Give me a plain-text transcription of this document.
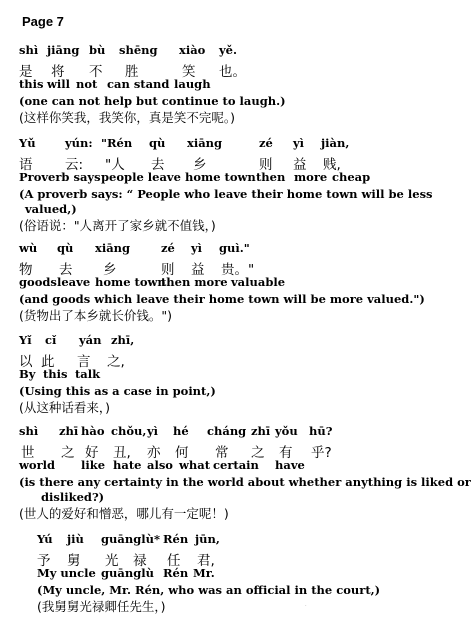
Page 7
shì jiāng bù shēng xiào yě.
是 将 不 胜	笑 也。
this will not can stand laugh
(one can not help but continue to laugh.)
(这样你笑我，我笑你，真是笑不完呢。)
Yǔ	yún: "Rén qù xiāng	zé yì jiàn,
语 云: "人 去 乡	则 益 贱,
Proverb says people leave home town then more cheap
(A proverb says: “ People who leave their home town will be less
valued,)
(俗语说："人离开了家乡就不值钱，)
wù qù xiāng	zé yì guì."
物 去 乡	则 益 贵。"
goods leave home town
then more valuable
(and goods which leave their home town will be more valued.")
(货物出了本乡就长价钱。")
Yǐ cǐ yán zhī,
以 此 言 之,
By this talk
(Using this as a case in point,)
(从这种话看来，)
shì zhī hào chǒu, yì hé cháng zhī yǒu hū?
世 之 好 丑, 亦 何 常 之 有 乎?
world like hate also what certain have
(is there any certainty in the world about whether anything is liked or
disliked?)
(世人的爱好和憎恶，哪儿有一定呢！)
Yú jiù guānglù* Rén jūn,
予 舅 光 禄 任 君,
My uncle guānglù Rén Mr.
(My uncle, Mr. Rén, who was an official in the court,)
(我舅舅光禄卿任先生，)	·
